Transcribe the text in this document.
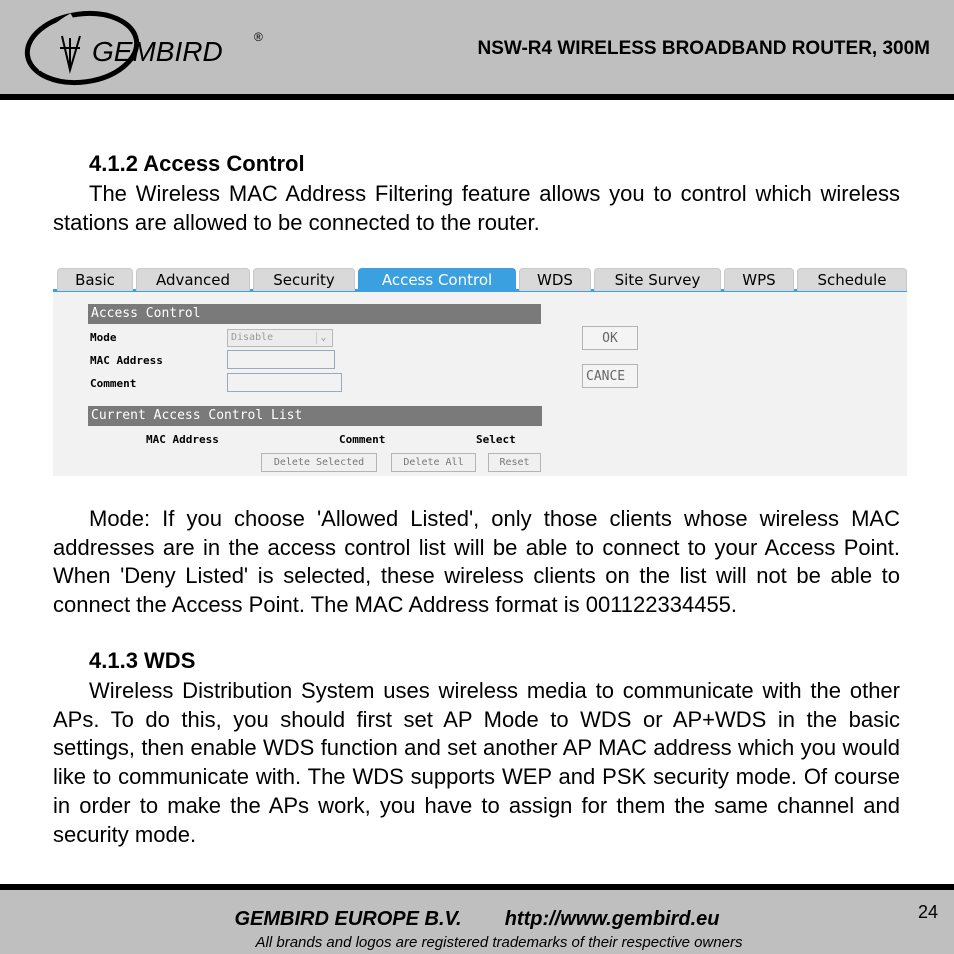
GEMBIRD	®
NSW-R4 WIRELESS BROADBAND ROUTER, 300M
4.1.2 Access Control
The Wireless MAC Address Filtering feature allows you to control which wireless stations are allowed to be connected to the router.
Basic	Advanced	Security	Access Control	WDS	Site Survey	WPS	Schedule
Access Control
Mode	Disable	⌄
MAC Address
Comment
OK
CANCE
Current Access Control List
MAC Address	Comment	Select
Delete Selected	Delete All	Reset
Mode: If you choose 'Allowed Listed', only those clients whose wireless MAC addresses are in the access control list will be able to connect to your Access Point. When 'Deny Listed' is selected, these wireless clients on the list will not be able to connect the Access Point. The MAC Address format is 001122334455.
4.1.3 WDS
Wireless Distribution System uses wireless media to communicate with the other APs. To do this, you should first set AP Mode to WDS or AP+WDS in the basic settings, then enable WDS function and set another AP MAC address which you would like to communicate with. The WDS supports WEP and PSK security mode. Of course in order to make the APs work, you have to assign for them the same channel and security mode.
GEMBIRD EUROPE B.V. http://www.gembird.eu
All brands and logos are registered trademarks of their respective owners
24
